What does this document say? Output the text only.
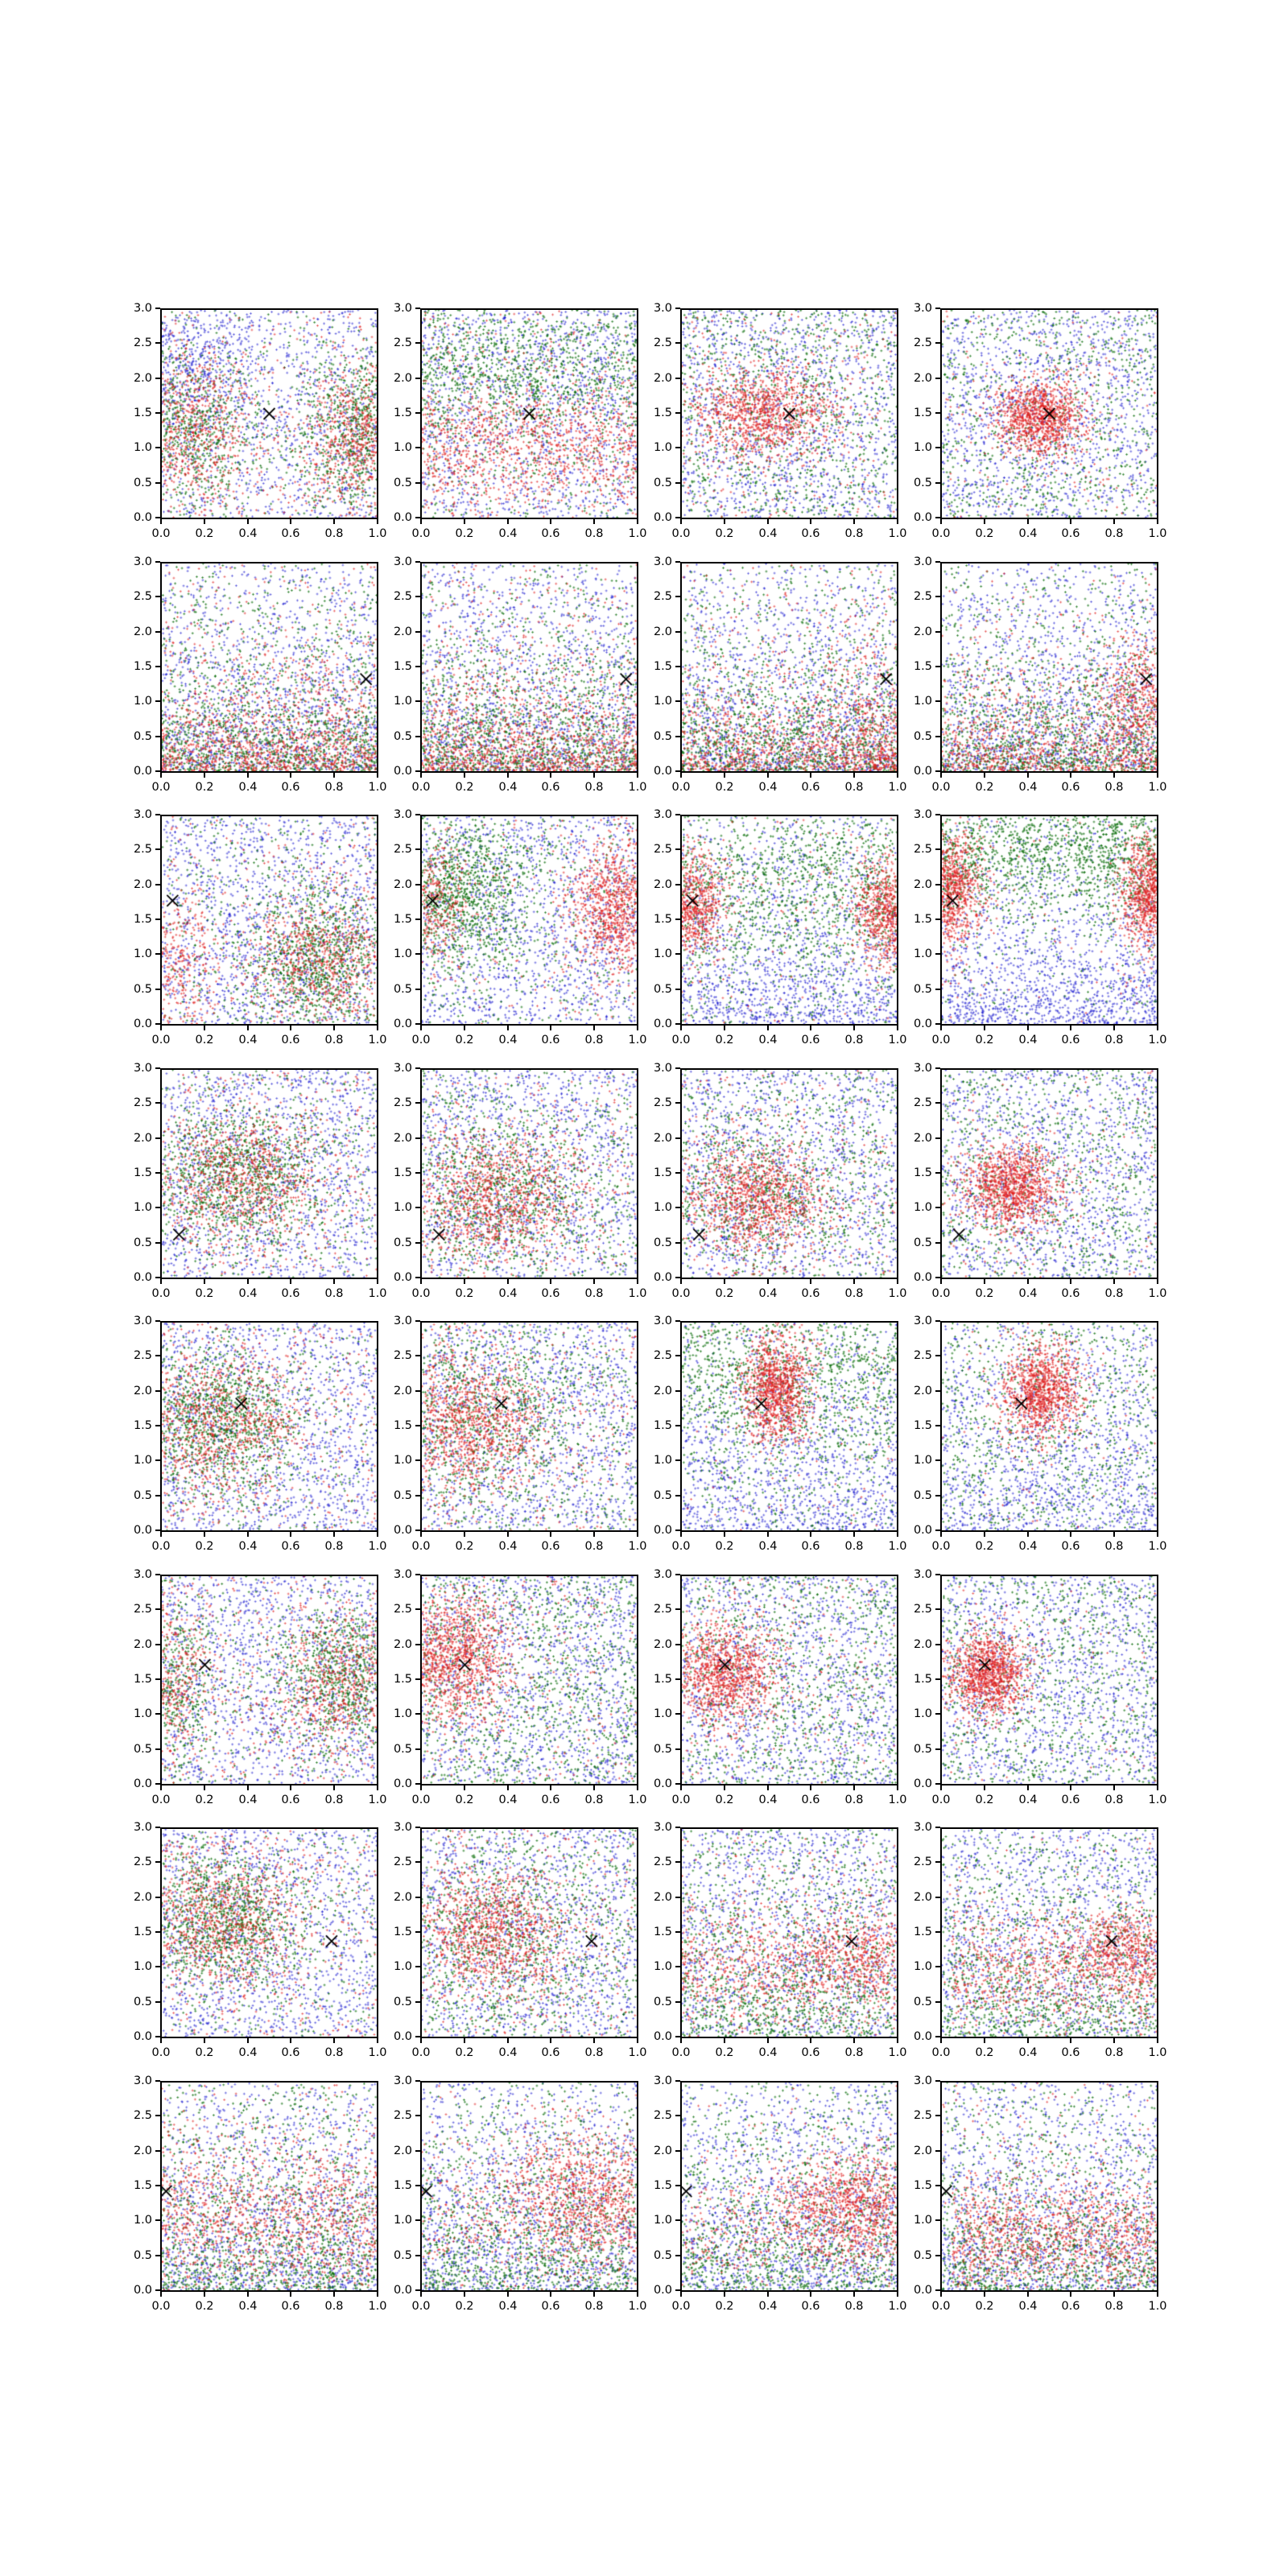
0.0
0.5
1.0
1.5
2.0
2.5
3.0
0.0	0.2	0.4	0.6	0.8	1.0
0.0
0.5
1.0
1.5
2.0
2.5
3.0
0.0	0.2	0.4	0.6	0.8	1.0
0.0
0.5
1.0
1.5
2.0
2.5
3.0
0.0	0.2	0.4	0.6	0.8	1.0
0.0
0.5
1.0
1.5
2.0
2.5
3.0
0.0	0.2	0.4	0.6	0.8	1.0
0.0
0.5
1.0
1.5
2.0
2.5
3.0
0.0	0.2	0.4	0.6	0.8	1.0
0.0
0.5
1.0
1.5
2.0
2.5
3.0
0.0	0.2	0.4	0.6	0.8	1.0
0.0
0.5
1.0
1.5
2.0
2.5
3.0
0.0	0.2	0.4	0.6	0.8	1.0
0.0
0.5
1.0
1.5
2.0
2.5
3.0
0.0	0.2	0.4	0.6	0.8	1.0
0.0
0.5
1.0
1.5
2.0
2.5
3.0
0.0	0.2	0.4	0.6	0.8	1.0
0.0
0.5
1.0
1.5
2.0
2.5
3.0
0.0	0.2	0.4	0.6	0.8	1.0
0.0
0.5
1.0
1.5
2.0
2.5
3.0
0.0	0.2	0.4	0.6	0.8	1.0
0.0
0.5
1.0
1.5
2.0
2.5
3.0
0.0	0.2	0.4	0.6	0.8	1.0
0.0
0.5
1.0
1.5
2.0
2.5
3.0
0.0	0.2	0.4	0.6	0.8	1.0
0.0
0.5
1.0
1.5
2.0
2.5
3.0
0.0	0.2	0.4	0.6	0.8	1.0
0.0
0.5
1.0
1.5
2.0
2.5
3.0
0.0	0.2	0.4	0.6	0.8	1.0
0.0
0.5
1.0
1.5
2.0
2.5
3.0
0.0	0.2	0.4	0.6	0.8	1.0
0.0
0.5
1.0
1.5
2.0
2.5
3.0
0.0	0.2	0.4	0.6	0.8	1.0
0.0
0.5
1.0
1.5
2.0
2.5
3.0
0.0	0.2	0.4	0.6	0.8	1.0
0.0
0.5
1.0
1.5
2.0
2.5
3.0
0.0	0.2	0.4	0.6	0.8	1.0
0.0
0.5
1.0
1.5
2.0
2.5
3.0
0.0	0.2	0.4	0.6	0.8	1.0
0.0
0.5
1.0
1.5
2.0
2.5
3.0
0.0	0.2	0.4	0.6	0.8	1.0
0.0
0.5
1.0
1.5
2.0
2.5
3.0
0.0	0.2	0.4	0.6	0.8	1.0
0.0
0.5
1.0
1.5
2.0
2.5
3.0
0.0	0.2	0.4	0.6	0.8	1.0
0.0
0.5
1.0
1.5
2.0
2.5
3.0
0.0	0.2	0.4	0.6	0.8	1.0
0.0
0.5
1.0
1.5
2.0
2.5
3.0
0.0	0.2	0.4	0.6	0.8	1.0
0.0
0.5
1.0
1.5
2.0
2.5
3.0
0.0	0.2	0.4	0.6	0.8	1.0
0.0
0.5
1.0
1.5
2.0
2.5
3.0
0.0	0.2	0.4	0.6	0.8	1.0
0.0
0.5
1.0
1.5
2.0
2.5
3.0
0.0	0.2	0.4	0.6	0.8	1.0
0.0
0.5
1.0
1.5
2.0
2.5
3.0
0.0	0.2	0.4	0.6	0.8	1.0
0.0
0.5
1.0
1.5
2.0
2.5
3.0
0.0	0.2	0.4	0.6	0.8	1.0
0.0
0.5
1.0
1.5
2.0
2.5
3.0
0.0	0.2	0.4	0.6	0.8	1.0
0.0
0.5
1.0
1.5
2.0
2.5
3.0
0.0	0.2	0.4	0.6	0.8	1.0
